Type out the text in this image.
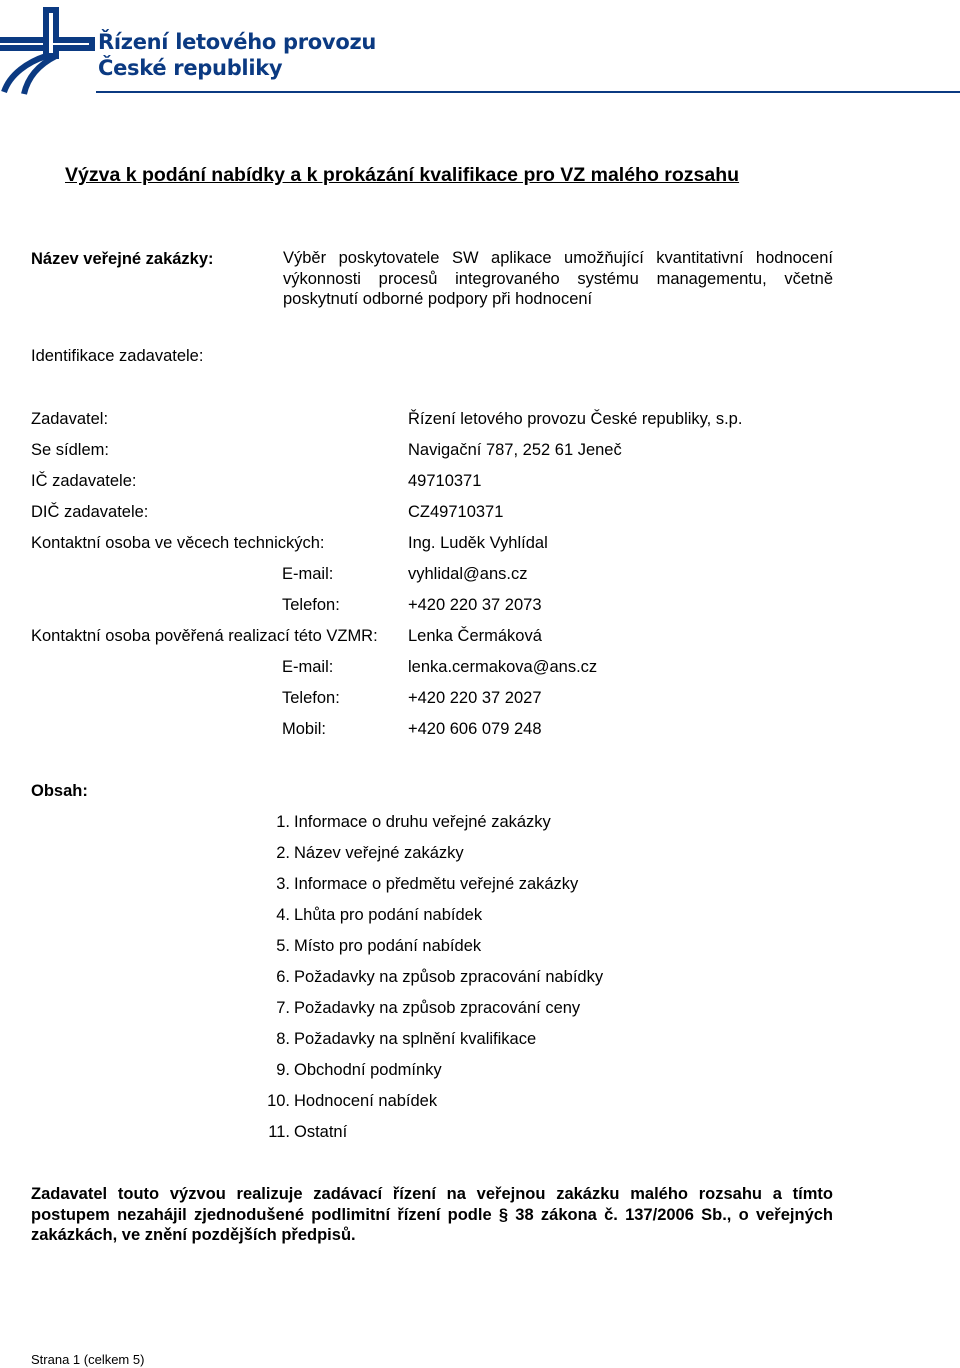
Řízení letového provozu
České republiky
Výzva k podání nabídky a k prokázání kvalifikace pro VZ malého rozsahu
Název veřejné zakázky:	Výběr poskytovatele SW aplikace umožňující kvantitativní hodnocení výkonnosti procesů integrovaného systému managementu, včetně poskytnutí odborné podpory při hodnocení
Identifikace zadavatele:
Zadavatel:	Řízení letového provozu České republiky, s.p.
Se sídlem:	Navigační 787, 252 61 Jeneč
IČ zadavatele:	49710371
DIČ zadavatele:	CZ49710371
Kontaktní osoba ve věcech technických:	Ing. Luděk Vyhlídal
E-mail:	vyhlidal@ans.cz
Telefon:	+420 220 37 2073
Kontaktní osoba pověřená realizací této VZMR: Lenka Čermáková
E-mail:	lenka.cermakova@ans.cz
Telefon:	+420 220 37 2027
Mobil:	+420 606 079 248
Obsah:
1. Informace o druhu veřejné zakázky
2. Název veřejné zakázky
3. Informace o předmětu veřejné zakázky
4. Lhůta pro podání nabídek
5. Místo pro podání nabídek
6. Požadavky na způsob zpracování nabídky
7. Požadavky na způsob zpracování ceny
8. Požadavky na splnění kvalifikace
9. Obchodní podmínky
10. Hodnocení nabídek
11. Ostatní
Zadavatel touto výzvou realizuje zadávací řízení na veřejnou zakázku malého rozsahu a tímto postupem nezahájil zjednodušené podlimitní řízení podle § 38 zákona č. 137/2006 Sb., o veřejných zakázkách, ve znění pozdějších předpisů.
Strana 1 (celkem 5)
